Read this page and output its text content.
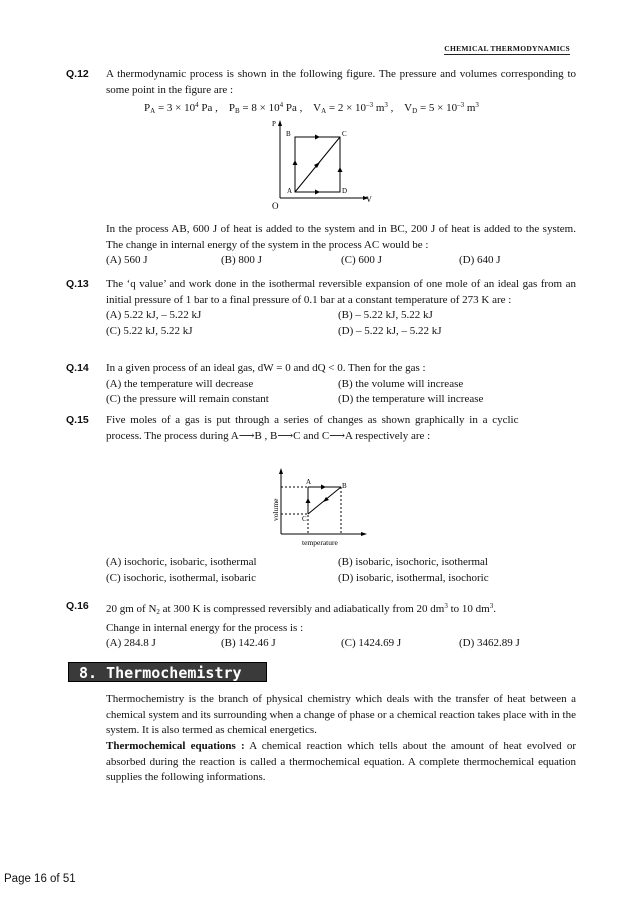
CHEMICAL THERMODYNAMICS
Q.12 A thermodynamic process is shown in the following figure. The pressure and volumes corresponding to some point in the figure are :
$P_A = 3 \times 10^4$ Pa ,    $P_B = 8 \times 10^4$ Pa ,    $V_A = 2 \times 10^{-3}$ $m^3$ ,    $V_D = 5 \times 10^{-3}$ $m^3$
P
V
O
B	C
A	D
In the process AB, 600 J of heat is added to the system and in BC, 200 J of heat is added to the system. The change in internal energy of the system in the process AC would be :
(A) 560 J	(B) 800 J	(C) 600 J	(D) 640 J
Q.13 The ‘q value’ and work done in the isothermal reversible expansion of one mole of an ideal gas from an initial pressure of 1 bar to a final pressure of 0.1 bar at a constant temperature of 273 K are :
(A) 5.22 kJ, – 5.22 kJ	(B) – 5.22 kJ, 5.22 kJ
(C) 5.22 kJ, 5.22 kJ	(D) – 5.22 kJ, – 5.22 kJ
Q.14 In a given process of an ideal gas, dW = 0 and dQ < 0. Then for the gas :
(A) the temperature will decrease	(B) the volume will increase
(C) the pressure will remain constant	(D) the temperature will increase
Q.15 Five moles of a gas is put through a series of changes as shown graphically in a cyclic
process. The process during A⟶B , B⟶C and C⟶A respectively are :
A	B
C
volume
temperature
(A) isochoric, isobaric, isothermal	(B) isobaric, isochoric, isothermal
(C) isochoric, isothermal, isobaric	(D) isobaric, isothermal, isochoric
Q.16 20 gm of $N_2$ at 300 K is compressed reversibly and adiabatically from 20 $dm^3$ to 10 $dm^3$.
Change in internal energy for the process is :
(A) 284.8 J	(B) 142.46 J	(C) 1424.69 J	(D) 3462.89 J
8. Thermochemistry
Thermochemistry is the branch of physical chemistry which deals with the transfer of heat between a chemical system and its surrounding when a change of phase or a chemical reaction takes place with in the system. It is also termed as chemical energetics.
Thermochemical equations : A chemical reaction which tells about the amount of heat evolved or absorbed during the reaction is called a thermochemical equation. A complete thermochemical equation supplies the following informations.
Page 16 of 51
